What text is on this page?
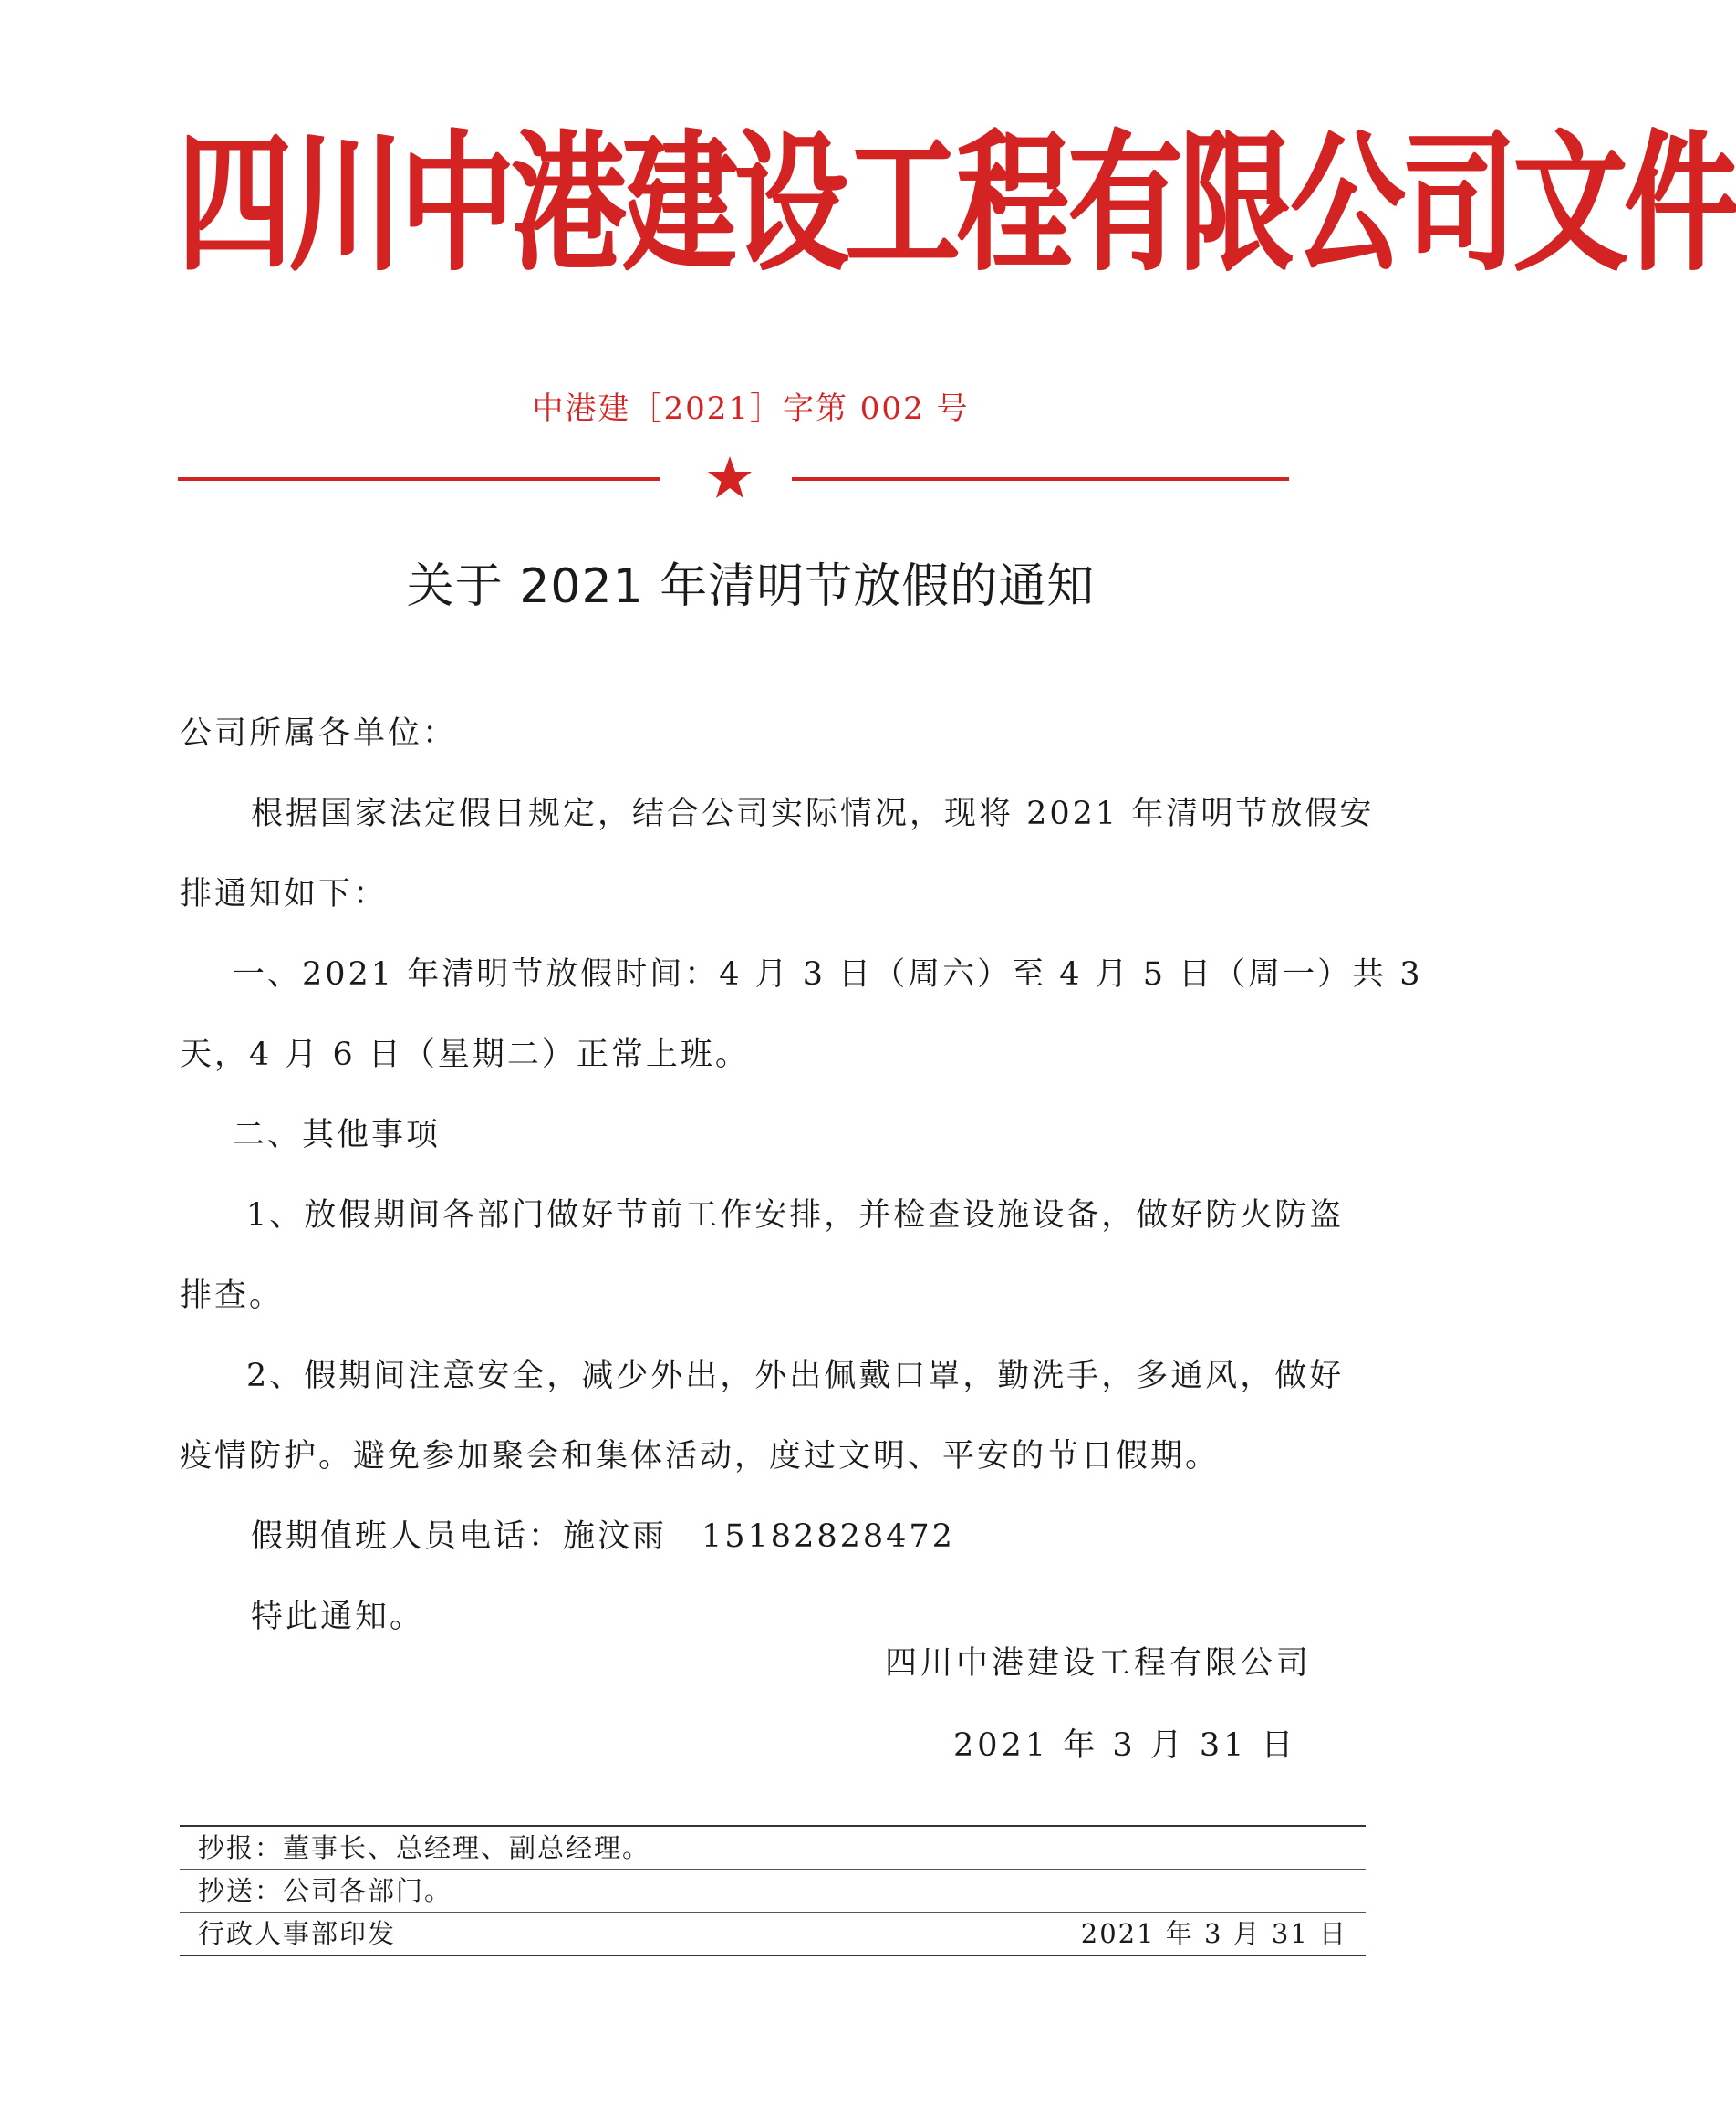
四川中港建设工程有限公司文件
中港建［2021］字第 002 号
关于 2021 年清明节放假的通知
公司所属各单位：
根据国家法定假日规定，结合公司实际情况，现将 2021 年清明节放假安
排通知如下：
一、2021 年清明节放假时间：4 月 3 日（周六）至 4 月 5 日（周一）共 3
天，4 月 6 日（星期二）正常上班。
二、其他事项
1、放假期间各部门做好节前工作安排，并检查设施设备，做好防火防盗
排查。
2、假期间注意安全，减少外出，外出佩戴口罩，勤洗手，多通风，做好
疫情防护。避免参加聚会和集体活动，度过文明、平安的节日假期。
假期值班人员电话：施汶雨　15182828472
特此通知。
四川中港建设工程有限公司
2021 年 3 月 31 日
抄报：董事长、总经理、副总经理。
抄送：公司各部门。
行政人事部印发	2021 年 3 月 31 日
